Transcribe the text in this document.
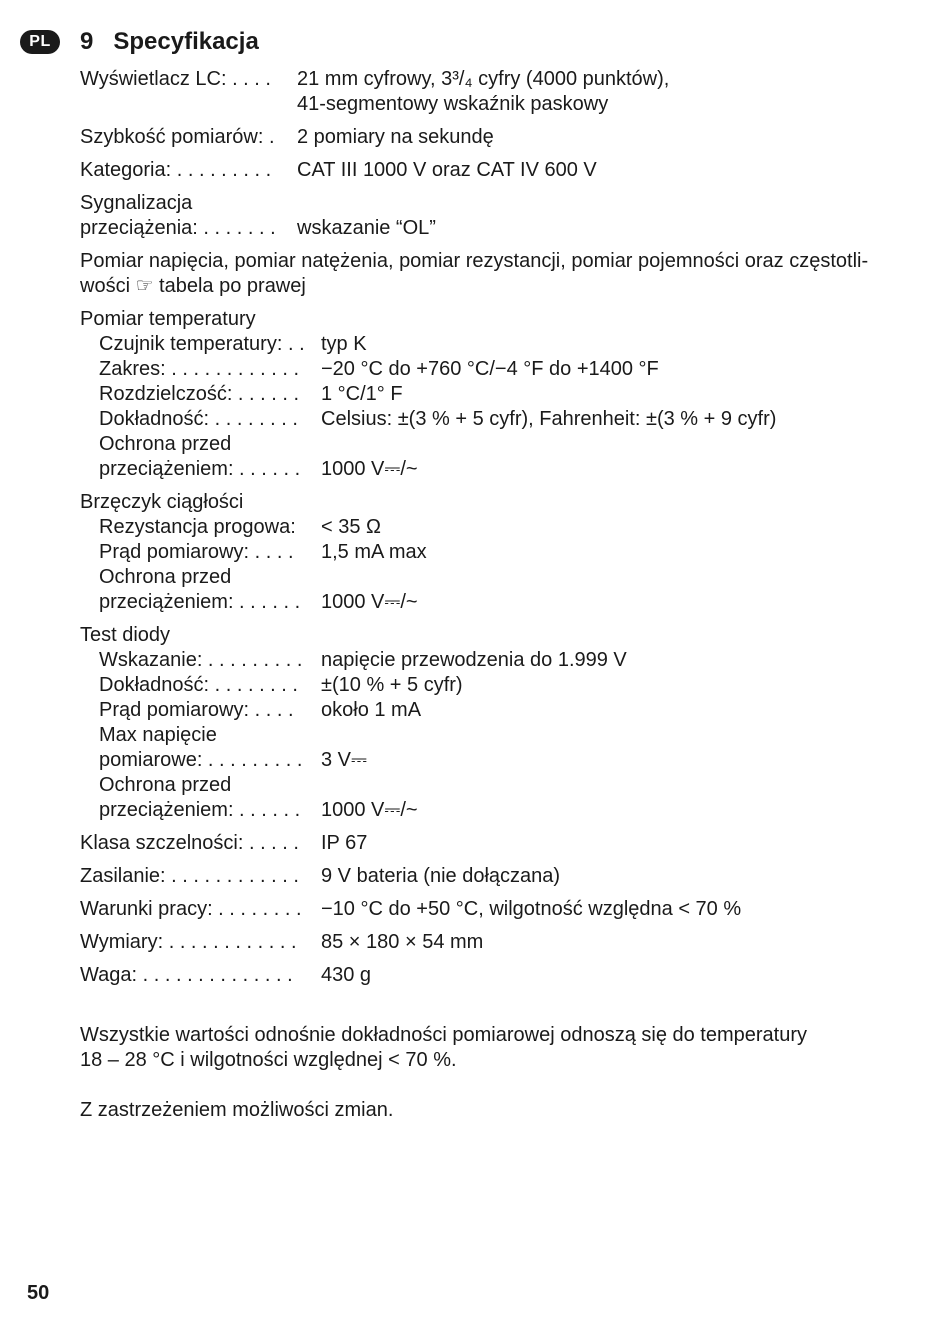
PL	9 Specyfikacja
Wyświetlacz LC: . . . .	21 mm cyfrowy, 3³/₄ cyfry (4000 punktów),
41-segmentowy wskaźnik paskowy
Szybkość pomiarów: .	2 pomiary na sekundę
Kategoria: . . . . . . . . .	CAT III 1000 V oraz CAT IV 600 V
Sygnalizacja
przeciążenia: . . . . . . .	wskazanie “OL”
Pomiar napięcia, pomiar natężenia, pomiar rezystancji, pomiar pojemności oraz częstotli-
wości ☞ tabela po prawej
Pomiar temperatury
Czujnik temperatury: . . typ K
Zakres: . . . . . . . . . . . .	−20 °C do +760 °C/−4 °F do +1400 °F
Rozdzielczość: . . . . . .	1 °C/1° F
Dokładność: . . . . . . . .	Celsius: ±(3 % + 5 cyfr), Fahrenheit: ±(3 % + 9 cyfr)
Ochrona przed
przeciążeniem: . . . . . .	1000 V⎓/~
Brzęczyk ciągłości
Rezystancja progowa:	< 35 Ω
Prąd pomiarowy: . . . .	1,5 mA max
Ochrona przed
przeciążeniem: . . . . . .	1000 V⎓/~
Test diody
Wskazanie: . . . . . . . . . napięcie przewodzenia do 1.999 V
Dokładność: . . . . . . . .	±(10 % + 5 cyfr)
Prąd pomiarowy: . . . .	około 1 mA
Max napięcie
pomiarowe: . . . . . . . . . 3 V⎓
Ochrona przed
przeciążeniem: . . . . . .	1000 V⎓/~
Klasa szczelności: . . . . .	IP 67
Zasilanie: . . . . . . . . . . . .	9 V bateria (nie dołączana)
Warunki pracy: . . . . . . . . −10 °C do +50 °C, wilgotność względna < 70 %
Wymiary: . . . . . . . . . . . .	85 × 180 × 54 mm
Waga: . . . . . . . . . . . . . .	430 g

Wszystkie wartości odnośnie dokładności pomiarowej odnoszą się do temperatury
18 – 28 °C i wilgotności względnej < 70 %.

Z zastrzeżeniem możliwości zmian.

50
